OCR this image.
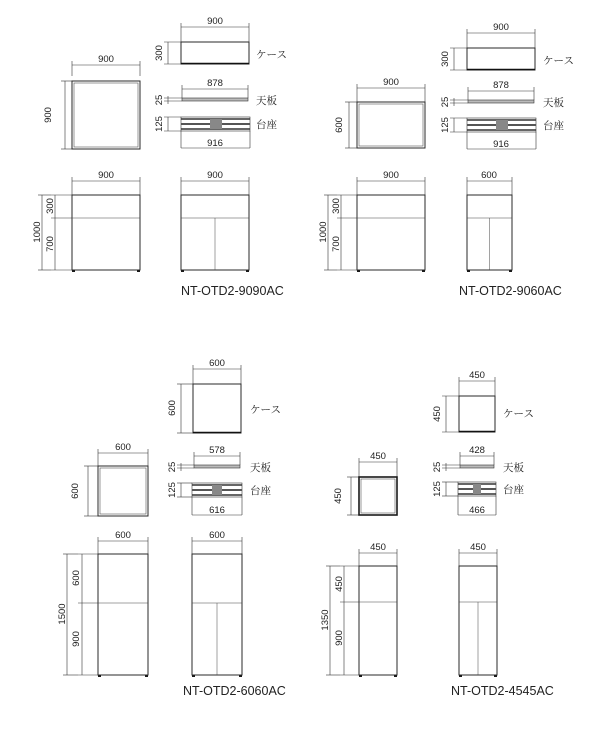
900
900
900
300	ケース
878
25	天板
125	台座
916
900
300
700
1000
900
NT-OTD2-9090AC
900
600
900
300	ケース
878
25	天板
125	台座
916
900
300
700
1000
600
NT-OTD2-9060AC
600
600
600
600	ケース
578
25	天板
125	台座
616
600
600
900
1500
600
NT-OTD2-6060AC
450
450
450
450	ケース
428
25	天板
125	台座
466
450
450
900
1350
450
NT-OTD2-4545AC
